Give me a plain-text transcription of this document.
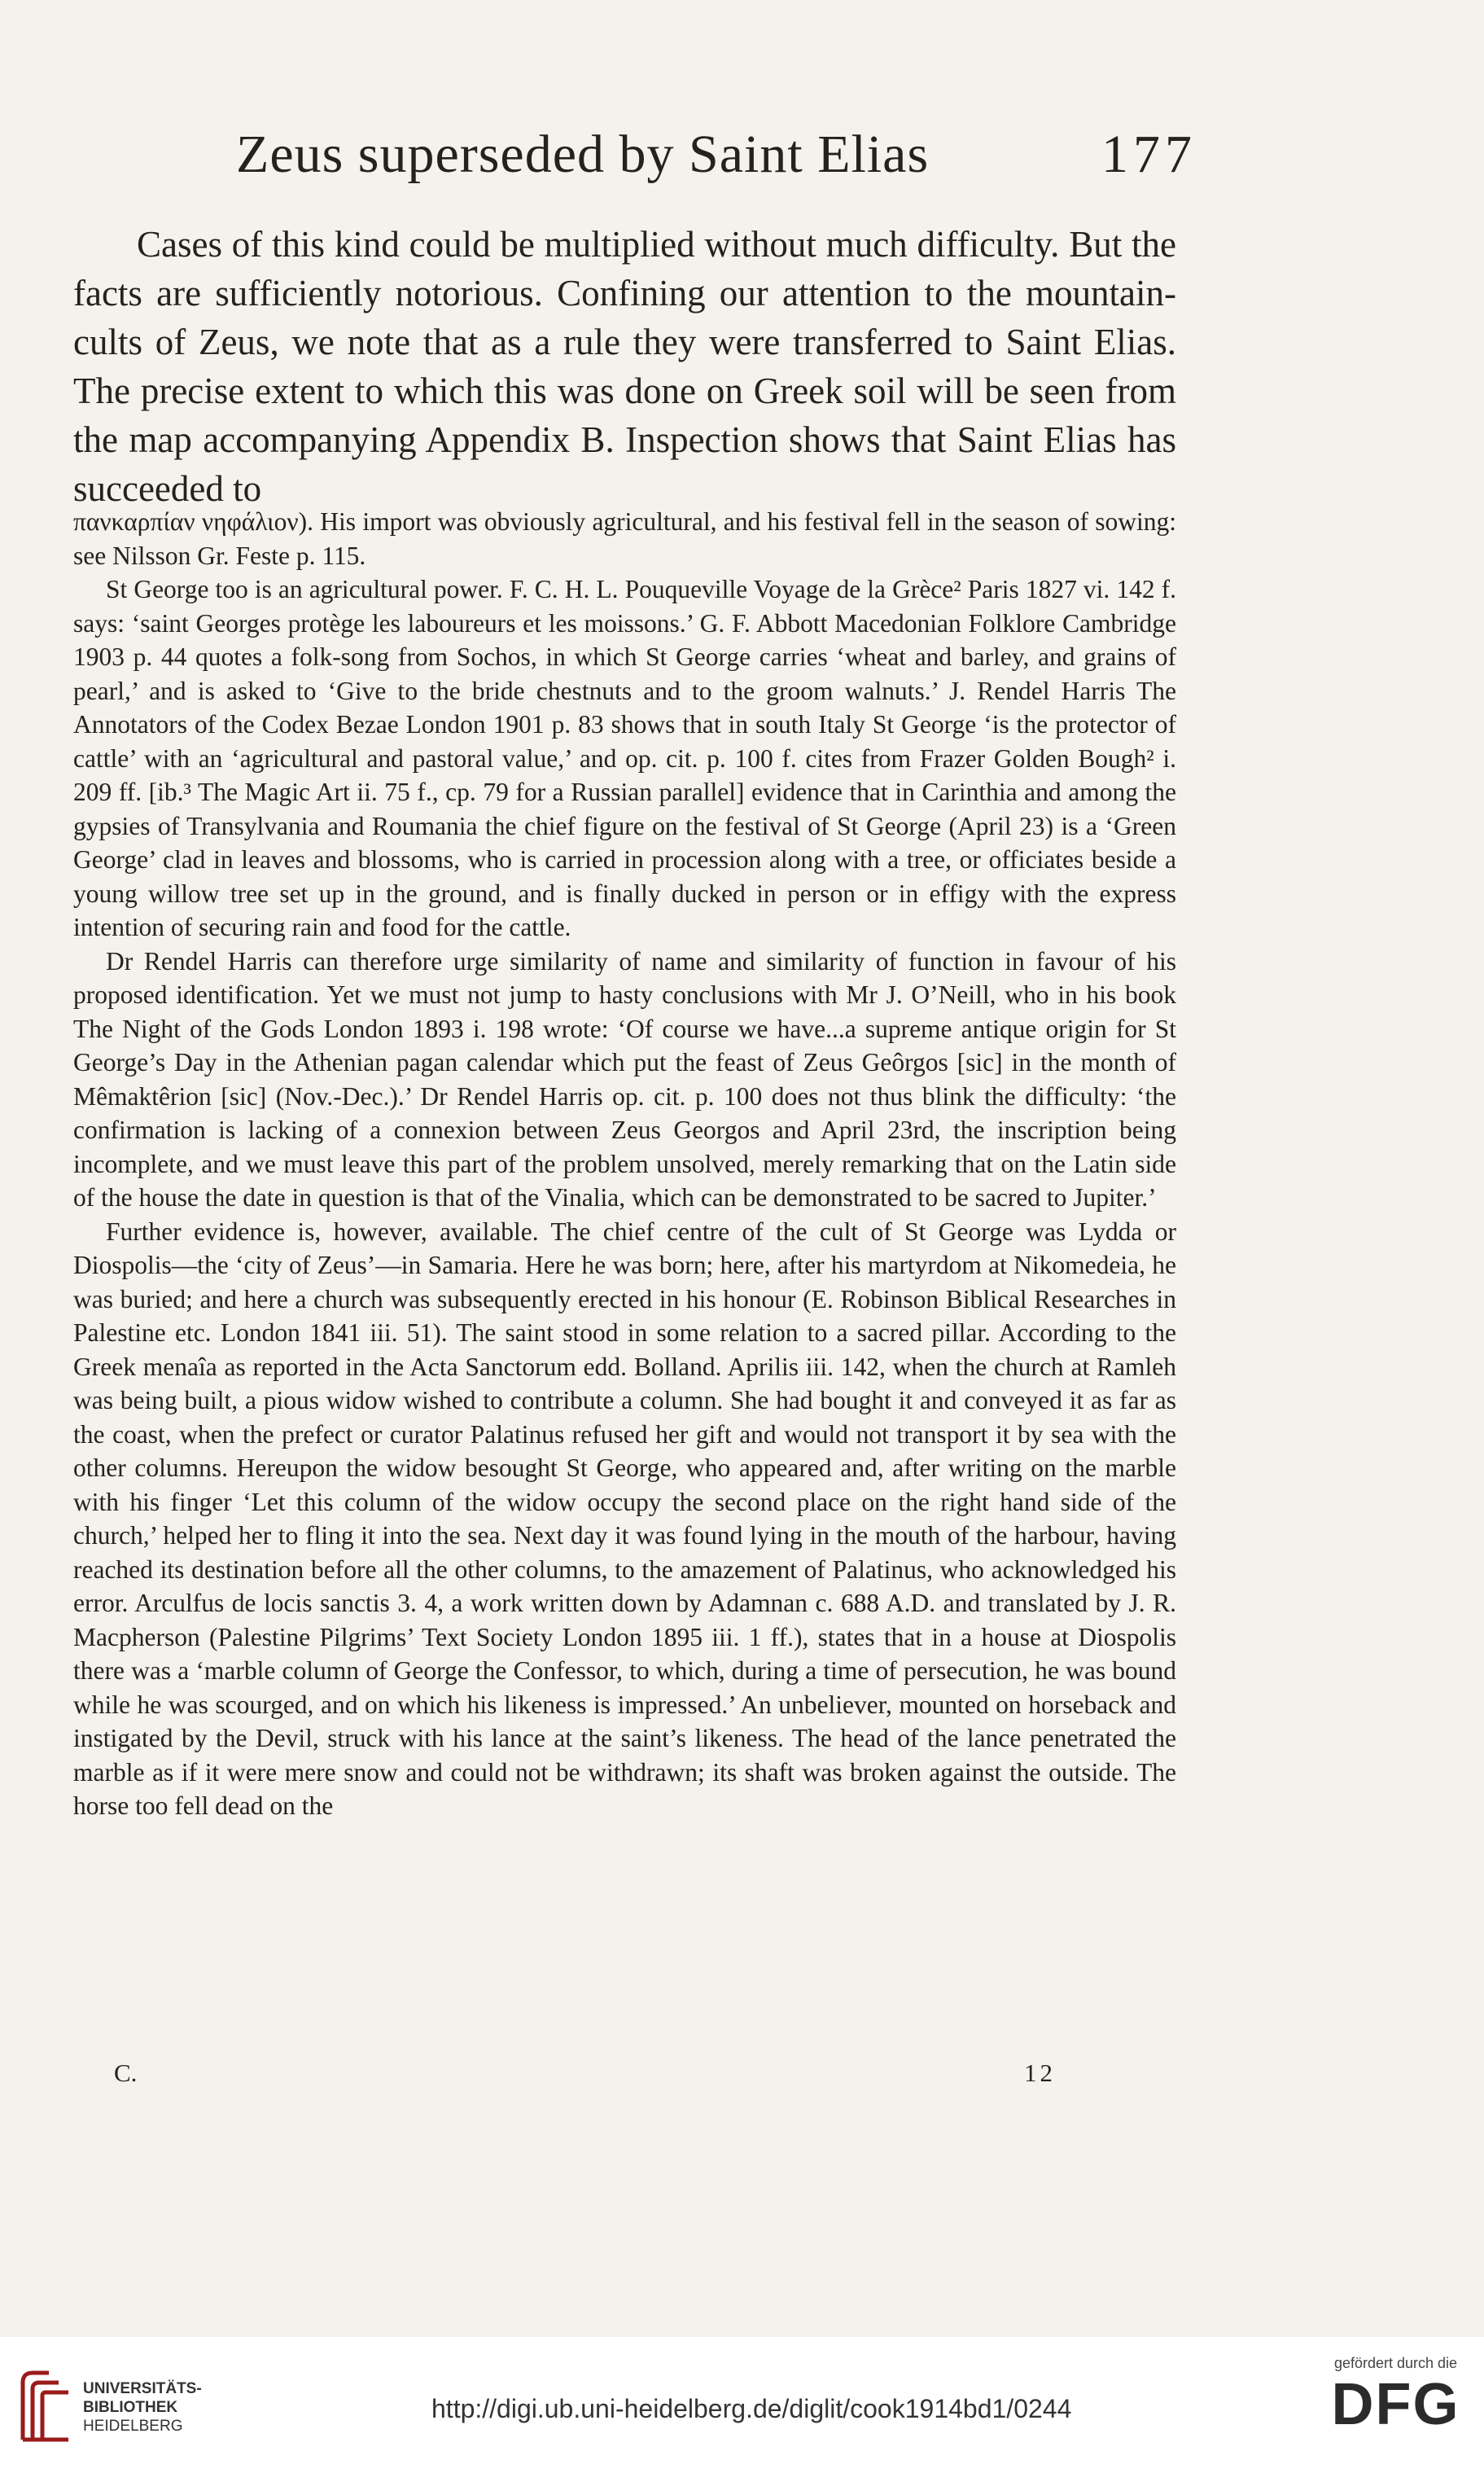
Zeus superseded by Saint Elias	177

Cases of this kind could be multiplied without much difficulty. But the facts are sufficiently notorious. Confining our attention to the mountain-cults of Zeus, we note that as a rule they were transferred to Saint Elias. The precise extent to which this was done on Greek soil will be seen from the map accompanying Appendix B. Inspection shows that Saint Elias has succeeded to

πανκαρπίαν νηφάλιον). His import was obviously agricultural, and his festival fell in the season of sowing: see Nilsson Gr. Feste p. 115.

St George too is an agricultural power. F. C. H. L. Pouqueville Voyage de la Grèce² Paris 1827 vi. 142 f. says: ‘saint Georges protège les laboureurs et les moissons.’ G. F. Abbott Macedonian Folklore Cambridge 1903 p. 44 quotes a folk-song from Sochos, in which St George carries ‘wheat and barley, and grains of pearl,’ and is asked to ‘Give to the bride chestnuts and to the groom walnuts.’ J. Rendel Harris The Annotators of the Codex Bezae London 1901 p. 83 shows that in south Italy St George ‘is the protector of cattle’ with an ‘agricultural and pastoral value,’ and op. cit. p. 100 f. cites from Frazer Golden Bough² i. 209 ff. [ib.³ The Magic Art ii. 75 f., cp. 79 for a Russian parallel] evidence that in Carinthia and among the gypsies of Transylvania and Roumania the chief figure on the festival of St George (April 23) is a ‘Green George’ clad in leaves and blossoms, who is carried in procession along with a tree, or officiates beside a young willow tree set up in the ground, and is finally ducked in person or in effigy with the express intention of securing rain and food for the cattle.

Dr Rendel Harris can therefore urge similarity of name and similarity of function in favour of his proposed identification. Yet we must not jump to hasty conclusions with Mr J. O’Neill, who in his book The Night of the Gods London 1893 i. 198 wrote: ‘Of course we have...a supreme antique origin for St George’s Day in the Athenian pagan calendar which put the feast of Zeus Geôrgos [sic] in the month of Mêmaktêrion [sic] (Nov.-Dec.).’ Dr Rendel Harris op. cit. p. 100 does not thus blink the difficulty: ‘the confirmation is lacking of a connexion between Zeus Georgos and April 23rd, the inscription being incomplete, and we must leave this part of the problem unsolved, merely remarking that on the Latin side of the house the date in question is that of the Vinalia, which can be demonstrated to be sacred to Jupiter.’

Further evidence is, however, available. The chief centre of the cult of St George was Lydda or Diospolis—the ‘city of Zeus’—in Samaria. Here he was born; here, after his martyrdom at Nikomedeia, he was buried; and here a church was subsequently erected in his honour (E. Robinson Biblical Researches in Palestine etc. London 1841 iii. 51). The saint stood in some relation to a sacred pillar. According to the Greek menaîa as reported in the Acta Sanctorum edd. Bolland. Aprilis iii. 142, when the church at Ramleh was being built, a pious widow wished to contribute a column. She had bought it and conveyed it as far as the coast, when the prefect or curator Palatinus refused her gift and would not transport it by sea with the other columns. Hereupon the widow besought St George, who appeared and, after writing on the marble with his finger ‘Let this column of the widow occupy the second place on the right hand side of the church,’ helped her to fling it into the sea. Next day it was found lying in the mouth of the harbour, having reached its destination before all the other columns, to the amazement of Palatinus, who acknowledged his error. Arculfus de locis sanctis 3. 4, a work written down by Adamnan c. 688 A.D. and translated by J. R. Macpherson (Palestine Pilgrims’ Text Society London 1895 iii. 1 ff.), states that in a house at Diospolis there was a ‘marble column of George the Confessor, to which, during a time of persecution, he was bound while he was scourged, and on which his likeness is impressed.’ An unbeliever, mounted on horseback and instigated by the Devil, struck with his lance at the saint’s likeness. The head of the lance penetrated the marble as if it were mere snow and could not be withdrawn; its shaft was broken against the outside. The horse too fell dead on the

C.	12
UNIVERSITÄTS-
BIBLIOTHEK
HEIDELBERG
http://digi.ub.uni-heidelberg.de/diglit/cook1914bd1/0244
gefördert durch die
DFG
